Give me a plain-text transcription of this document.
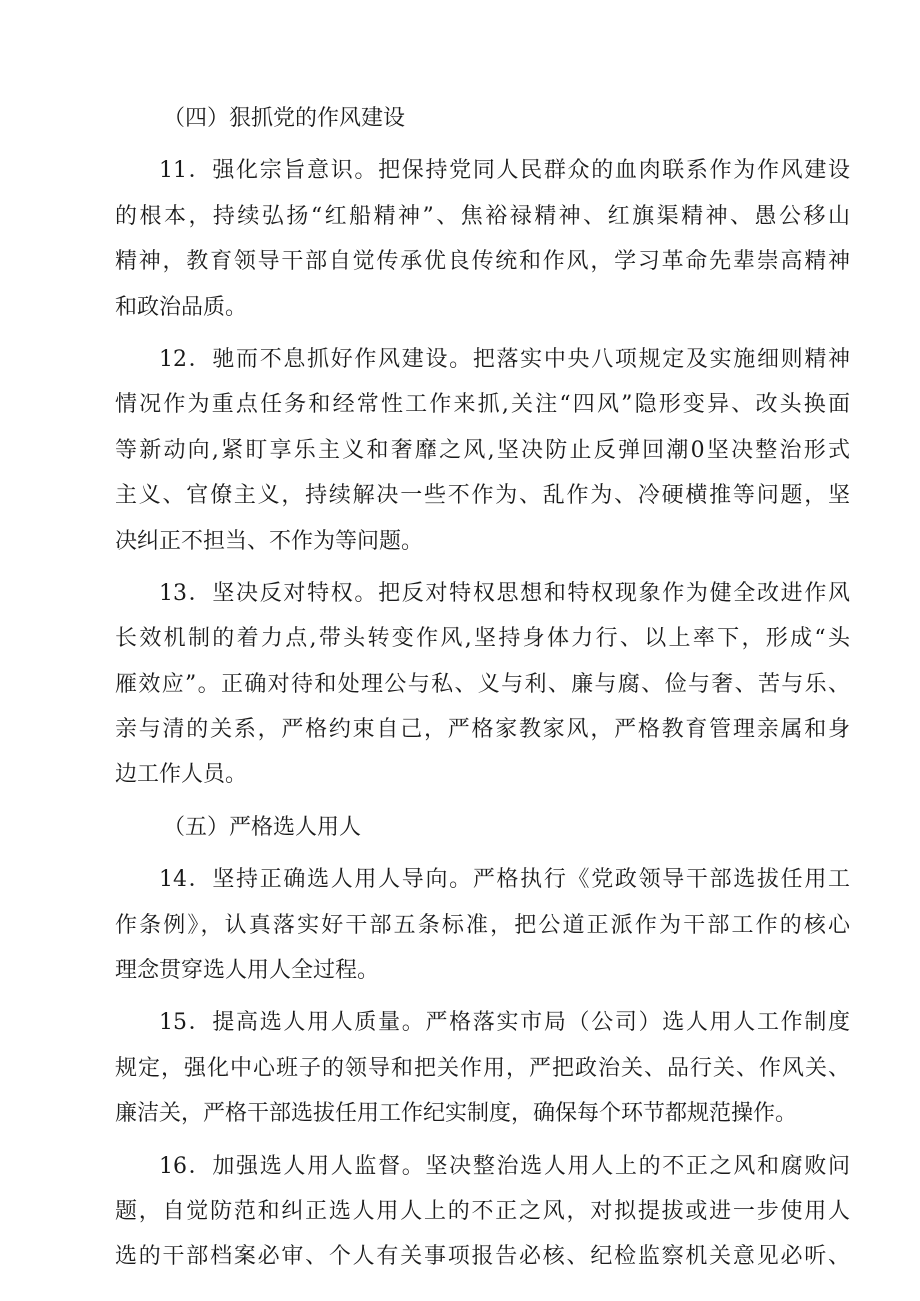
（四）狠抓党的作风建设
11．强化宗旨意识。把保持党同人民群众的血肉联系作为作风建设
的根本，持续弘扬“红船精神”、焦裕禄精神、红旗渠精神、愚公移山
精神，教育领导干部自觉传承优良传统和作风，学习革命先辈崇高精神
和政治品质。
12．驰而不息抓好作风建设。把落实中央八项规定及实施细则精神
情况作为重点任务和经常性工作来抓,关注“四风”隐形变异、改头换面
等新动向,紧盯享乐主义和奢靡之风,坚决防止反弹回潮0坚决整治形式
主义、官僚主义，持续解决一些不作为、乱作为、冷硬横推等问题，坚
决纠正不担当、不作为等问题。
13．坚决反对特权。把反对特权思想和特权现象作为健全改进作风
长效机制的着力点,带头转变作风,坚持身体力行、以上率下，形成“头
雁效应”。正确对待和处理公与私、义与利、廉与腐、俭与奢、苦与乐、
亲与清的关系，严格约束自己，严格家教家风，严格教育管理亲属和身
边工作人员。
（五）严格选人用人
14．坚持正确选人用人导向。严格执行《党政领导干部选拔任用工
作条例》，认真落实好干部五条标准，把公道正派作为干部工作的核心
理念贯穿选人用人全过程。
15．提高选人用人质量。严格落实市局（公司）选人用人工作制度
规定，强化中心班子的领导和把关作用，严把政治关、品行关、作风关、
廉洁关，严格干部选拔任用工作纪实制度，确保每个环节都规范操作。
16．加强选人用人监督。坚决整治选人用人上的不正之风和腐败问
题，自觉防范和纠正选人用人上的不正之风，对拟提拔或进一步使用人
选的干部档案必审、个人有关事项报告必核、纪检监察机关意见必听、
